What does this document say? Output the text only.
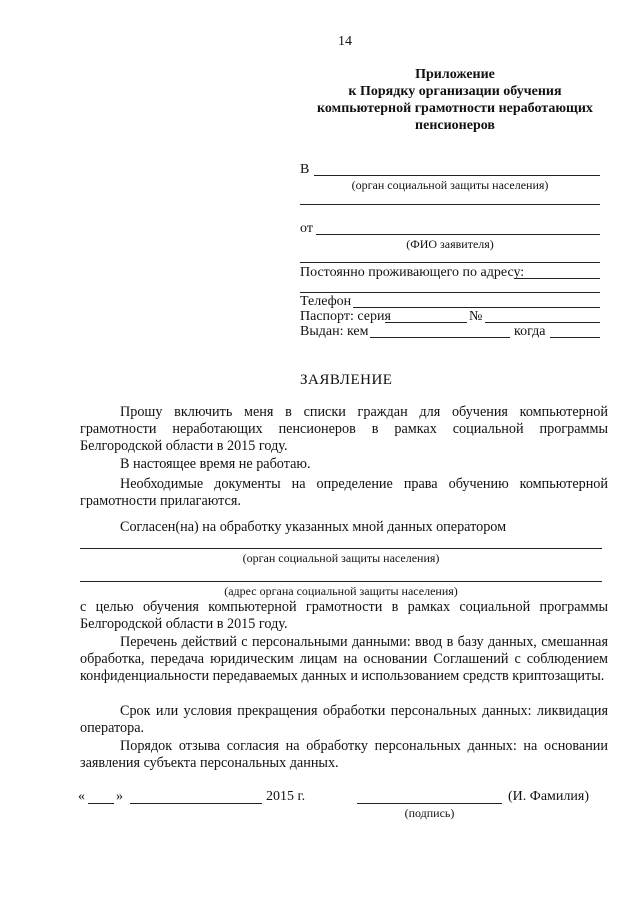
14
Приложение
к Порядку организации обучения
компьютерной грамотности неработающих
пенсионеров
В
(орган социальной защиты населения)
от
(ФИО заявителя)
Постоянно проживающего по адресу:
Телефон
Паспорт: серия	№
Выдан: кем	когда
ЗАЯВЛЕНИЕ
Прошу включить меня в списки граждан для обучения компьютерной грамотности неработающих пенсионеров в рамках социальной программы Белгородской области в 2015 году.
В настоящее время не работаю.
Необходимые документы на определение права обучению компьютерной грамотности прилагаются.
Согласен(на) на обработку указанных мной данных оператором
(орган социальной защиты населения)
(адрес органа социальной защиты населения)
с целью обучения компьютерной грамотности в рамках социальной программы Белгородской области в 2015 году.
Перечень действий с персональными данными: ввод в базу данных, смешанная обработка, передача юридическим лицам на основании Соглашений с соблюдением конфиденциальности передаваемых данных и использованием средств криптозащиты.
Срок или условия прекращения обработки персональных данных: ликвидация оператора.
Порядок отзыва согласия на обработку персональных данных: на основании заявления субъекта персональных данных.
« »	2015 г.
(подпись)
(И. Фамилия)
